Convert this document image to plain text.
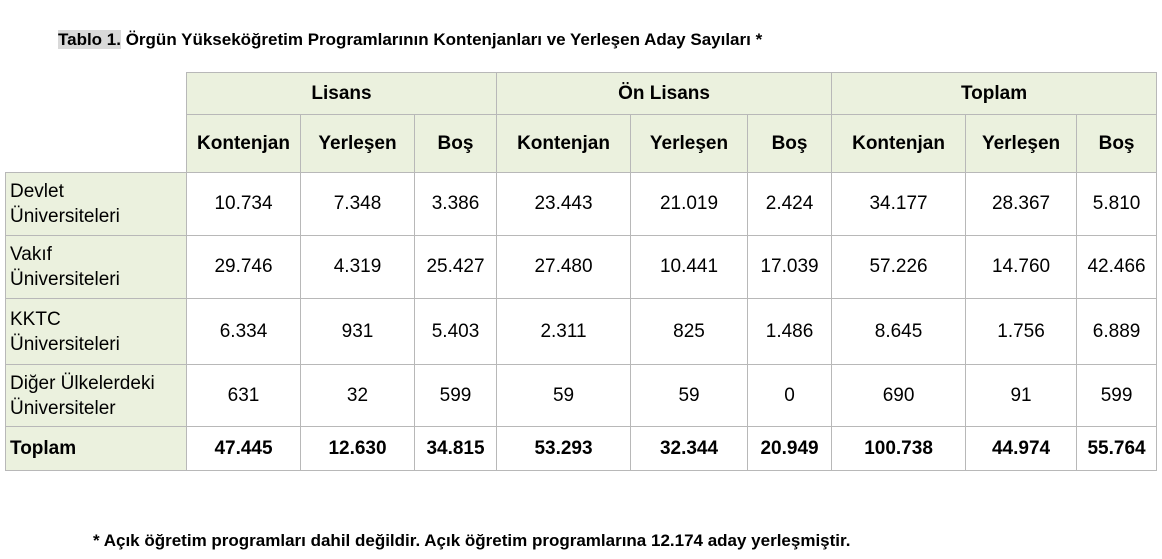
Tablo 1. Örgün Yükseköğretim Programlarının Kontenjanları ve Yerleşen Aday Sayıları *
	Lisans			Ön Lisans			Toplam		
	Kontenjan	Yerleşen	Boş	Kontenjan	Yerleşen	Boş	Kontenjan	Yerleşen	Boş
Devlet
Üniversiteleri	10.734	7.348	3.386	23.443	21.019	2.424	34.177	28.367	5.810
Vakıf
Üniversiteleri	29.746	4.319	25.427	27.480	10.441	17.039	57.226	14.760	42.466
KKTC
Üniversiteleri	6.334	931	5.403	2.311	825	1.486	8.645	1.756	6.889
Diğer Ülkelerdeki
Üniversiteler	631	32	599	59	59	0	690	91	599
Toplam	47.445	12.630	34.815	53.293	32.344	20.949	100.738	44.974	55.764
* Açık öğretim programları dahil değildir. Açık öğretim programlarına 12.174 aday yerleşmiştir.
